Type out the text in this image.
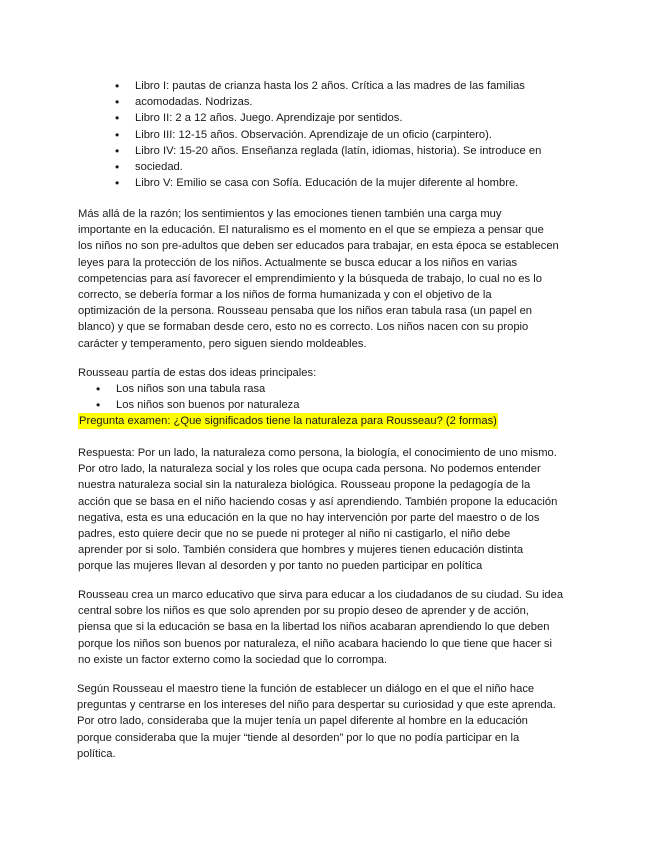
• Libro I: pautas de crianza hasta los 2 años. Crítica a las madres de las familias
• acomodadas. Nodrizas.
• Libro II: 2 a 12 años. Juego. Aprendizaje por sentidos.
• Libro III: 12-15 años. Observación. Aprendizaje de un oficio (carpintero).
• Libro IV: 15-20 años. Enseñanza reglada (latín, idiomas, historia). Se introduce en
• sociedad.
• Libro V: Emilio se casa con Sofía. Educación de la mujer diferente al hombre.
Más allá de la razón; los sentimientos y las emociones tienen también una carga muy
importante en la educación. El naturalismo es el momento en el que se empieza a pensar que
los niños no son pre-adultos que deben ser educados para trabajar, en esta época se establecen
leyes para la protección de los niños. Actualmente se busca educar a los niños en varias
competencias para así favorecer el emprendimiento y la búsqueda de trabajo, lo cual no es lo
correcto, se debería formar a los niños de forma humanizada y con el objetivo de la
optimización de la persona. Rousseau pensaba que los niños eran tabula rasa (un papel en
blanco) y que se formaban desde cero, esto no es correcto. Los niños nacen con su propio
carácter y temperamento, pero siguen siendo moldeables.
Rousseau partía de estas dos ideas principales:
• Los niños son una tabula rasa
• Los niños son buenos por naturaleza
Pregunta examen: ¿Que significados tiene la naturaleza para Rousseau? (2 formas)
Respuesta: Por un lado, la naturaleza como persona, la biología, el conocimiento de uno mismo.
Por otro lado, la naturaleza social y los roles que ocupa cada persona. No podemos entender
nuestra naturaleza social sin la naturaleza biológica. Rousseau propone la pedagogía de la
acción que se basa en el niño haciendo cosas y así aprendiendo. También propone la educación
negativa, esta es una educación en la que no hay intervención por parte del maestro o de los
padres, esto quiere decir que no se puede ni proteger al niño ni castigarlo, el niño debe
aprender por si solo. También considera que hombres y mujeres tienen educación distinta
porque las mujeres llevan al desorden y por tanto no pueden participar en política
Rousseau crea un marco educativo que sirva para educar a los ciudadanos de su ciudad. Su idea
central sobre los niños es que solo aprenden por su propio deseo de aprender y de acción,
piensa que si la educación se basa en la libertad los niños acabaran aprendiendo lo que deben
porque los niños son buenos por naturaleza, el niño acabara haciendo lo que tiene que hacer si
no existe un factor externo como la sociedad que lo corrompa.
Según Rousseau el maestro tiene la función de establecer un diálogo en el que el niño hace
preguntas y centrarse en los intereses del niño para despertar su curiosidad y que este aprenda.
Por otro lado, consideraba que la mujer tenía un papel diferente al hombre en la educación
porque consideraba que la mujer “tiende al desorden” por lo que no podía participar en la
política.
